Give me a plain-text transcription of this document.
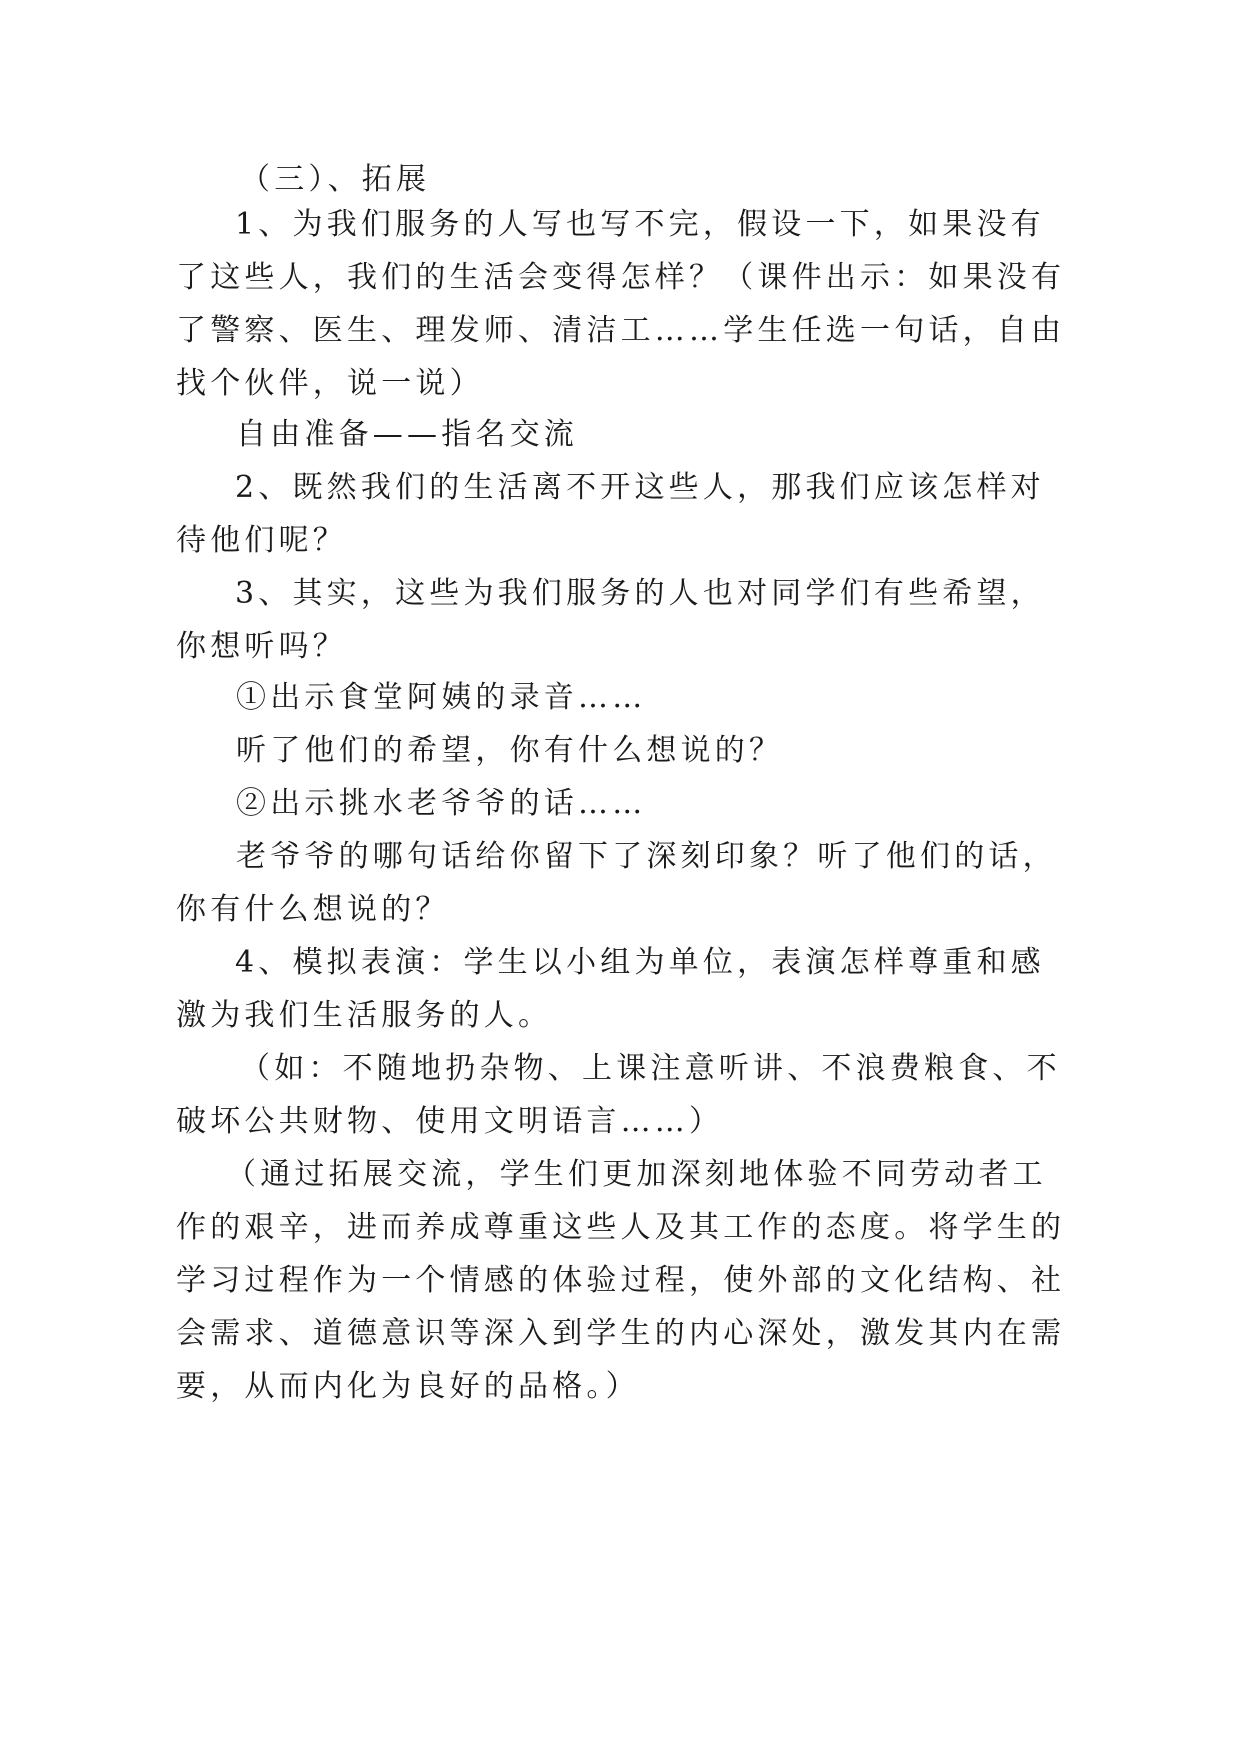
（三）、拓展
1、为我们服务的人写也写不完，假设一下，如果没有
了这些人，我们的生活会变得怎样？（课件出示：如果没有
了警察、医生、理发师、清洁工……学生任选一句话，自由
找个伙伴，说一说）
自由准备——指名交流
2、既然我们的生活离不开这些人，那我们应该怎样对
待他们呢？
3、其实，这些为我们服务的人也对同学们有些希望，
你想听吗？
①出示食堂阿姨的录音……
听了他们的希望，你有什么想说的？
②出示挑水老爷爷的话……
老爷爷的哪句话给你留下了深刻印象？听了他们的话，
你有什么想说的？
4、模拟表演：学生以小组为单位，表演怎样尊重和感
激为我们生活服务的人。
（如：不随地扔杂物、上课注意听讲、不浪费粮食、不
破坏公共财物、使用文明语言……）
（通过拓展交流，学生们更加深刻地体验不同劳动者工
作的艰辛，进而养成尊重这些人及其工作的态度。将学生的
学习过程作为一个情感的体验过程，使外部的文化结构、社
会需求、道德意识等深入到学生的内心深处，激发其内在需
要，从而内化为良好的品格。）
